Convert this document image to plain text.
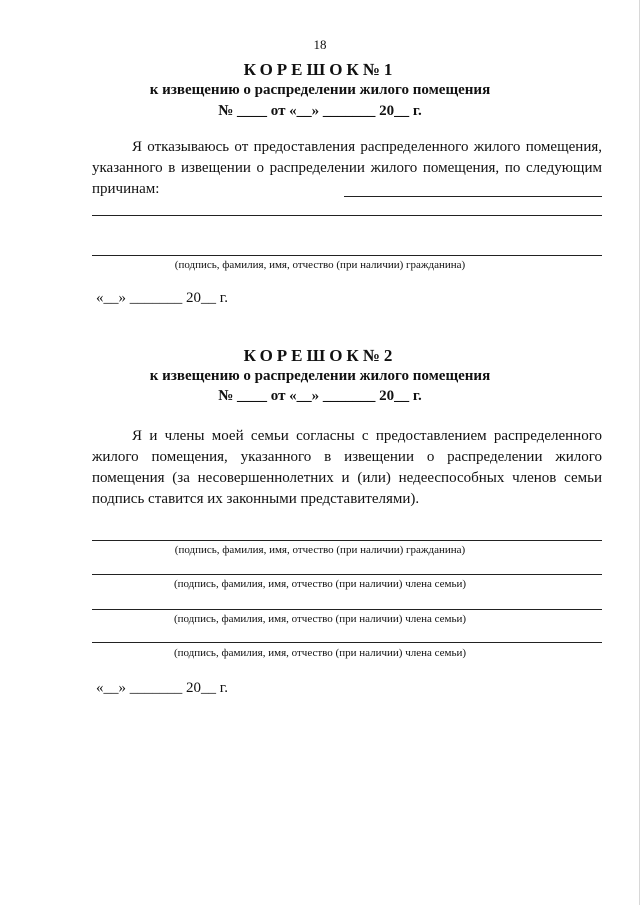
18
КОРЕШОК№1
к извещению о распределении жилого помещения
№ ____ от «__» _______ 20__ г.
Я отказываюсь от предоставления распределенного жилого помещения, указанного в извещении о распределении жилого помещения, по следующим причинам:
(подпись, фамилия, имя, отчество (при наличии) гражданина)
«__» _______ 20__ г.
КОРЕШОК№2
к извещению о распределении жилого помещения
№ ____ от «__» _______ 20__ г.
Я и члены моей семьи согласны с предоставлением распределенного жилого помещения, указанного в извещении о распределении жилого помещения (за несовершеннолетних и (или) недееспособных членов семьи подпись ставится их законными представителями).
(подпись, фамилия, имя, отчество (при наличии) гражданина)
(подпись, фамилия, имя, отчество (при наличии) члена семьи)
(подпись, фамилия, имя, отчество (при наличии) члена семьи)
(подпись, фамилия, имя, отчество (при наличии) члена семьи)
«__» _______ 20__ г.
